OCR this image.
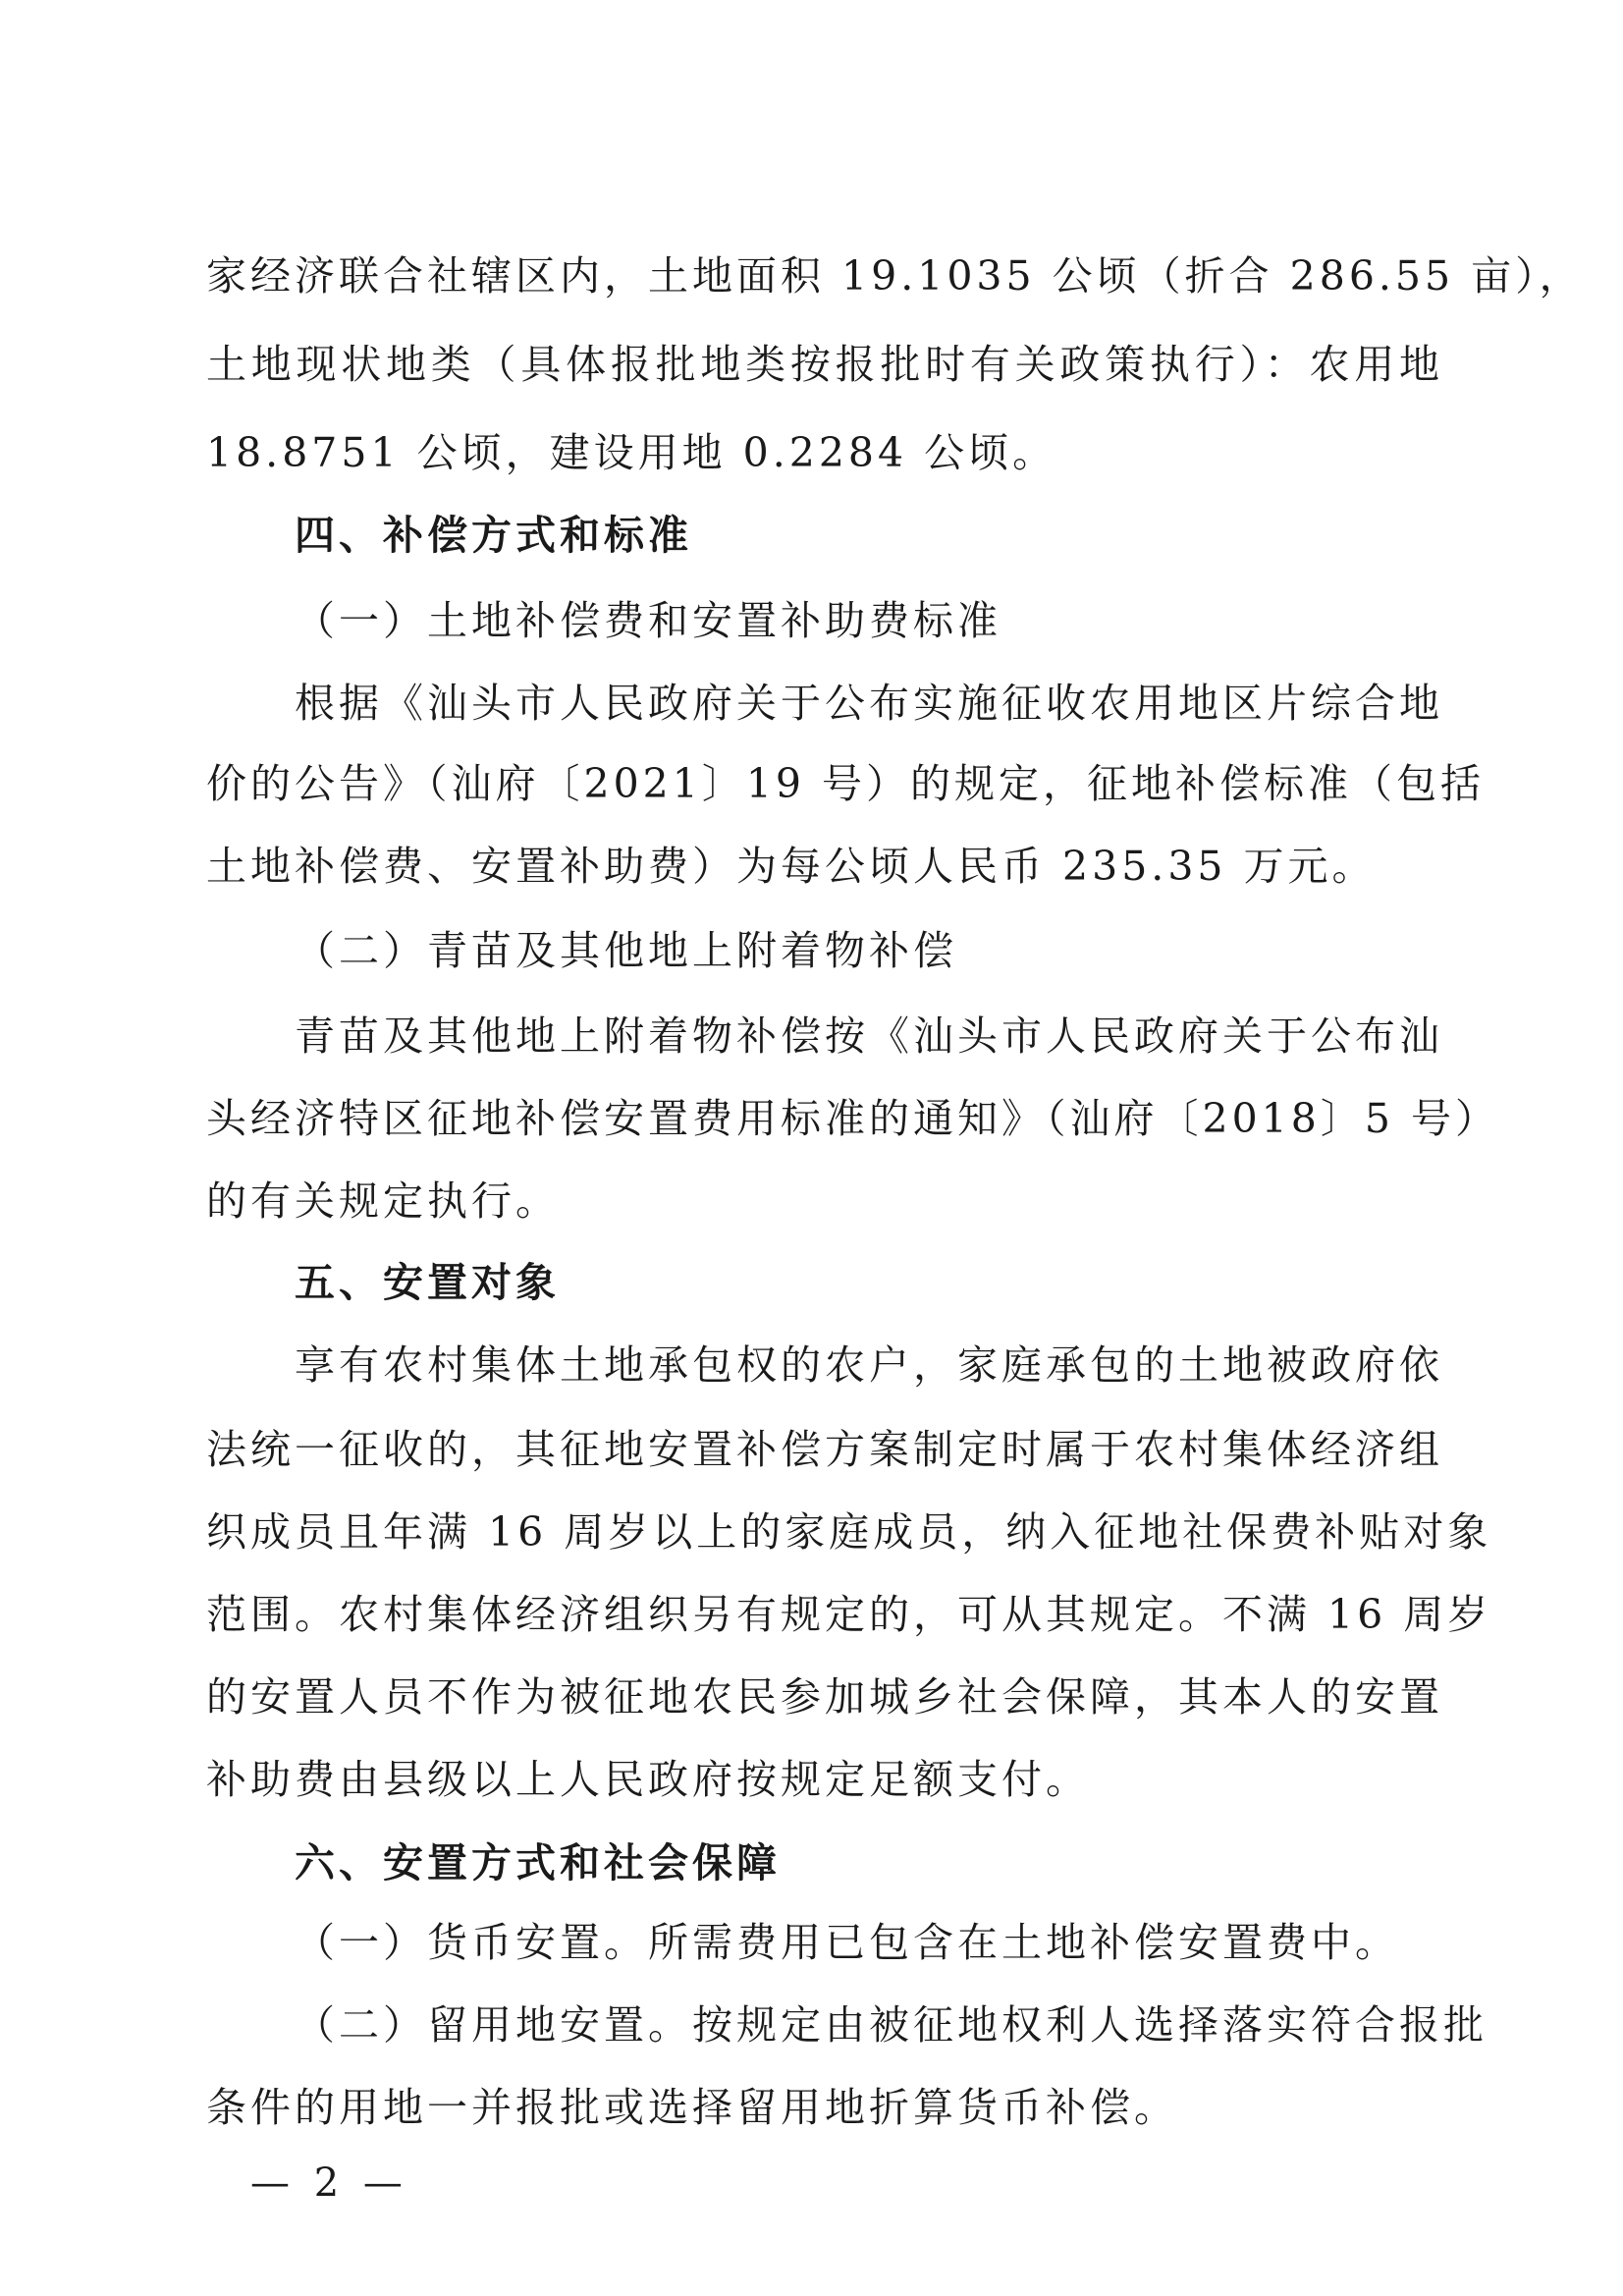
家经济联合社辖区内，土地面积 19.1035 公顷（折合 286.55 亩），
土地现状地类（具体报批地类按报批时有关政策执行）：农用地
18.8751 公顷，建设用地 0.2284 公顷。
四、补偿方式和标准
（一）土地补偿费和安置补助费标准
根据《汕头市人民政府关于公布实施征收农用地区片综合地
价的公告》（汕府〔2021〕19 号）的规定，征地补偿标准（包括
土地补偿费、安置补助费）为每公顷人民币 235.35 万元。
（二）青苗及其他地上附着物补偿
青苗及其他地上附着物补偿按《汕头市人民政府关于公布汕
头经济特区征地补偿安置费用标准的通知》（汕府〔2018〕5 号）
的有关规定执行。
五、安置对象
享有农村集体土地承包权的农户，家庭承包的土地被政府依
法统一征收的，其征地安置补偿方案制定时属于农村集体经济组
织成员且年满 16 周岁以上的家庭成员，纳入征地社保费补贴对象
范围。农村集体经济组织另有规定的，可从其规定。不满 16 周岁
的安置人员不作为被征地农民参加城乡社会保障，其本人的安置
补助费由县级以上人民政府按规定足额支付。
六、安置方式和社会保障
（一）货币安置。所需费用已包含在土地补偿安置费中。
（二）留用地安置。按规定由被征地权利人选择落实符合报批
条件的用地一并报批或选择留用地折算货币补偿。
— 2 —
